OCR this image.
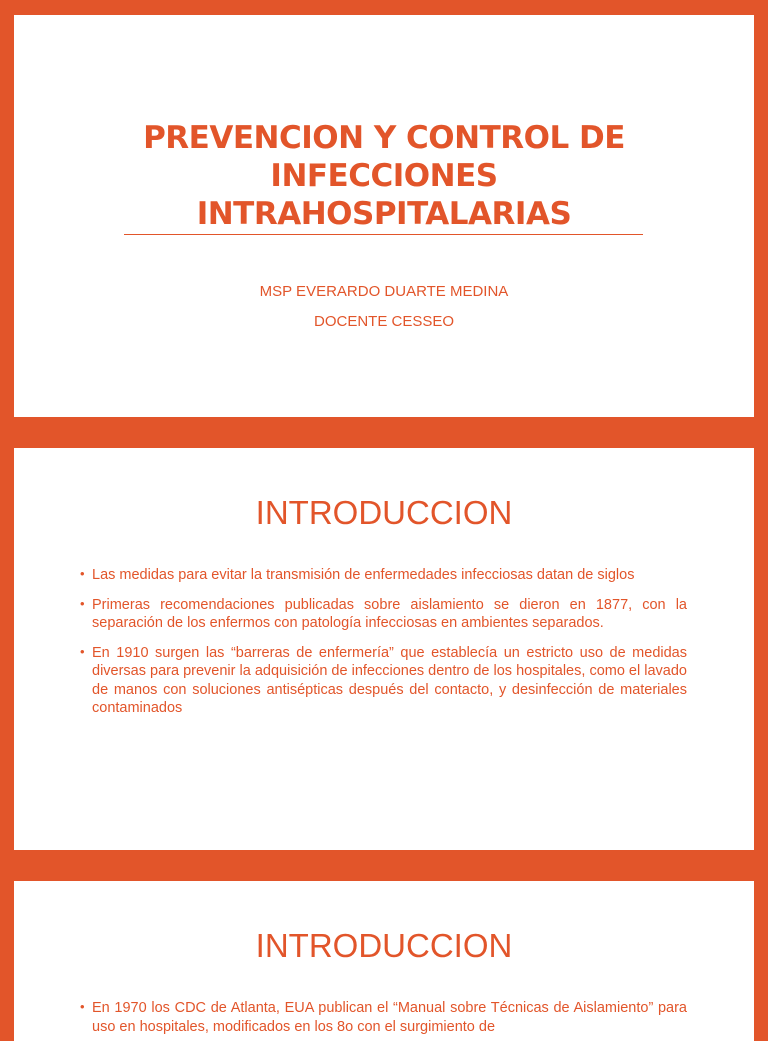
PREVENCION Y CONTROL DE
INFECCIONES
INTRAHOSPITALARIAS
MSP EVERARDO DUARTE MEDINA
DOCENTE CESSEO
INTRODUCCION
• Las medidas para evitar la transmisión de enfermedades infecciosas datan de siglos
• Primeras recomendaciones publicadas sobre aislamiento se dieron en 1877, con la separación de los enfermos con patología infecciosas en ambientes separados.
• En 1910 surgen las “barreras de enfermería” que establecía un estricto uso de medidas diversas para prevenir la adquisición de infecciones dentro de los hospitales, como el lavado de manos con soluciones antisépticas después del contacto, y desinfección de materiales contaminados
INTRODUCCION
• En 1970 los CDC de Atlanta, EUA publican el “Manual sobre Técnicas de Aislamiento” para uso en hospitales, modificados en los 8o con el surgimiento de
